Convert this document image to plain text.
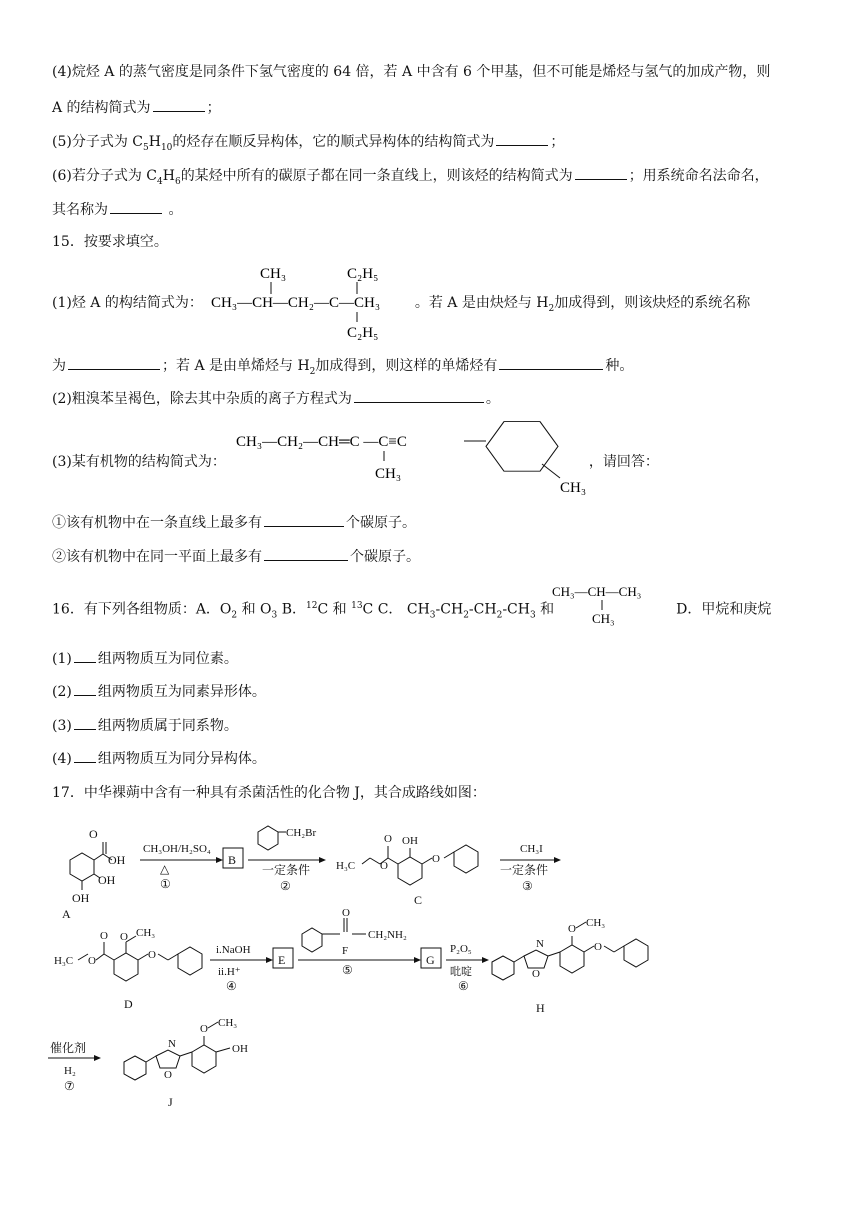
(4)烷烃 A 的蒸气密度是同条件下氢气密度的 64 倍，若 A 中含有 6 个甲基，但不可能是烯烃与氢气的加成产物，则
A 的结构简式为	；
(5)分子式为 $C_5H_{10}$的烃存在顺反异构体，它的顺式异构体的结构简式为	；
(6)若分子式为 $C_4H_6$的某烃中所有的碳原子都在同一条直线上，则该烃的结构简式为	；用系统命名法命名，
其名称为	。
15．按要求填空。
(1)烃 A 的构结简式为：	。若 A 是由炔烃与 $H_2$加成得到，则该炔烃的系统名称
CH₃	C₂H₅
CH₃—CH—CH₂—C—CH₃
C₂H₅
为	；若 A 是由单烯烃与 $H_2$加成得到，则这样的单烯烃有	种。
(2)粗溴苯呈褐色，除去其中杂质的离子方程式为	。
(3)某有机物的结构简式为：	，请回答：
CH₃—CH₂—CH═C —C≡C
CH₃
CH₃
①该有机物中在一条直线上最多有	个碳原子。
②该有机物中在同一平面上最多有	个碳原子。
16．有下列各组物质：A．$O_2$ 和 $O_3$ B．$^{12}$C 和 $^{13}$C C． $CH_3-CH_2-CH_2-CH_3$ 和	D．甲烷和庚烷
CH₃—CH—CH₃
CH₃
(1) 组两物质互为同位素。
(2) 组两物质互为同素异形体。
(3) 组两物质属于同系物。
(4) 组两物质互为同分异构体。
17．中华裸蒴中含有一种具有杀菌活性的化合物 J，其合成路线如图：
O
OH
OH
OH
A
CH₃OH/H₂SO₄
△
①
B
CH₂Br
一定条件
②
H₃C O
O OH
O
C
CH₃I
一定条件
③
H₃C O
O O CH₃
O
D
i.NaOH
ii.H⁺
④
E
O
CH₂NH₂
F
⑤
G
P₂O₅
吡啶
⑥
N
O
O CH₃
O
H
催化剂
H₂
⑦
N
O
O CH₃
OH
J
